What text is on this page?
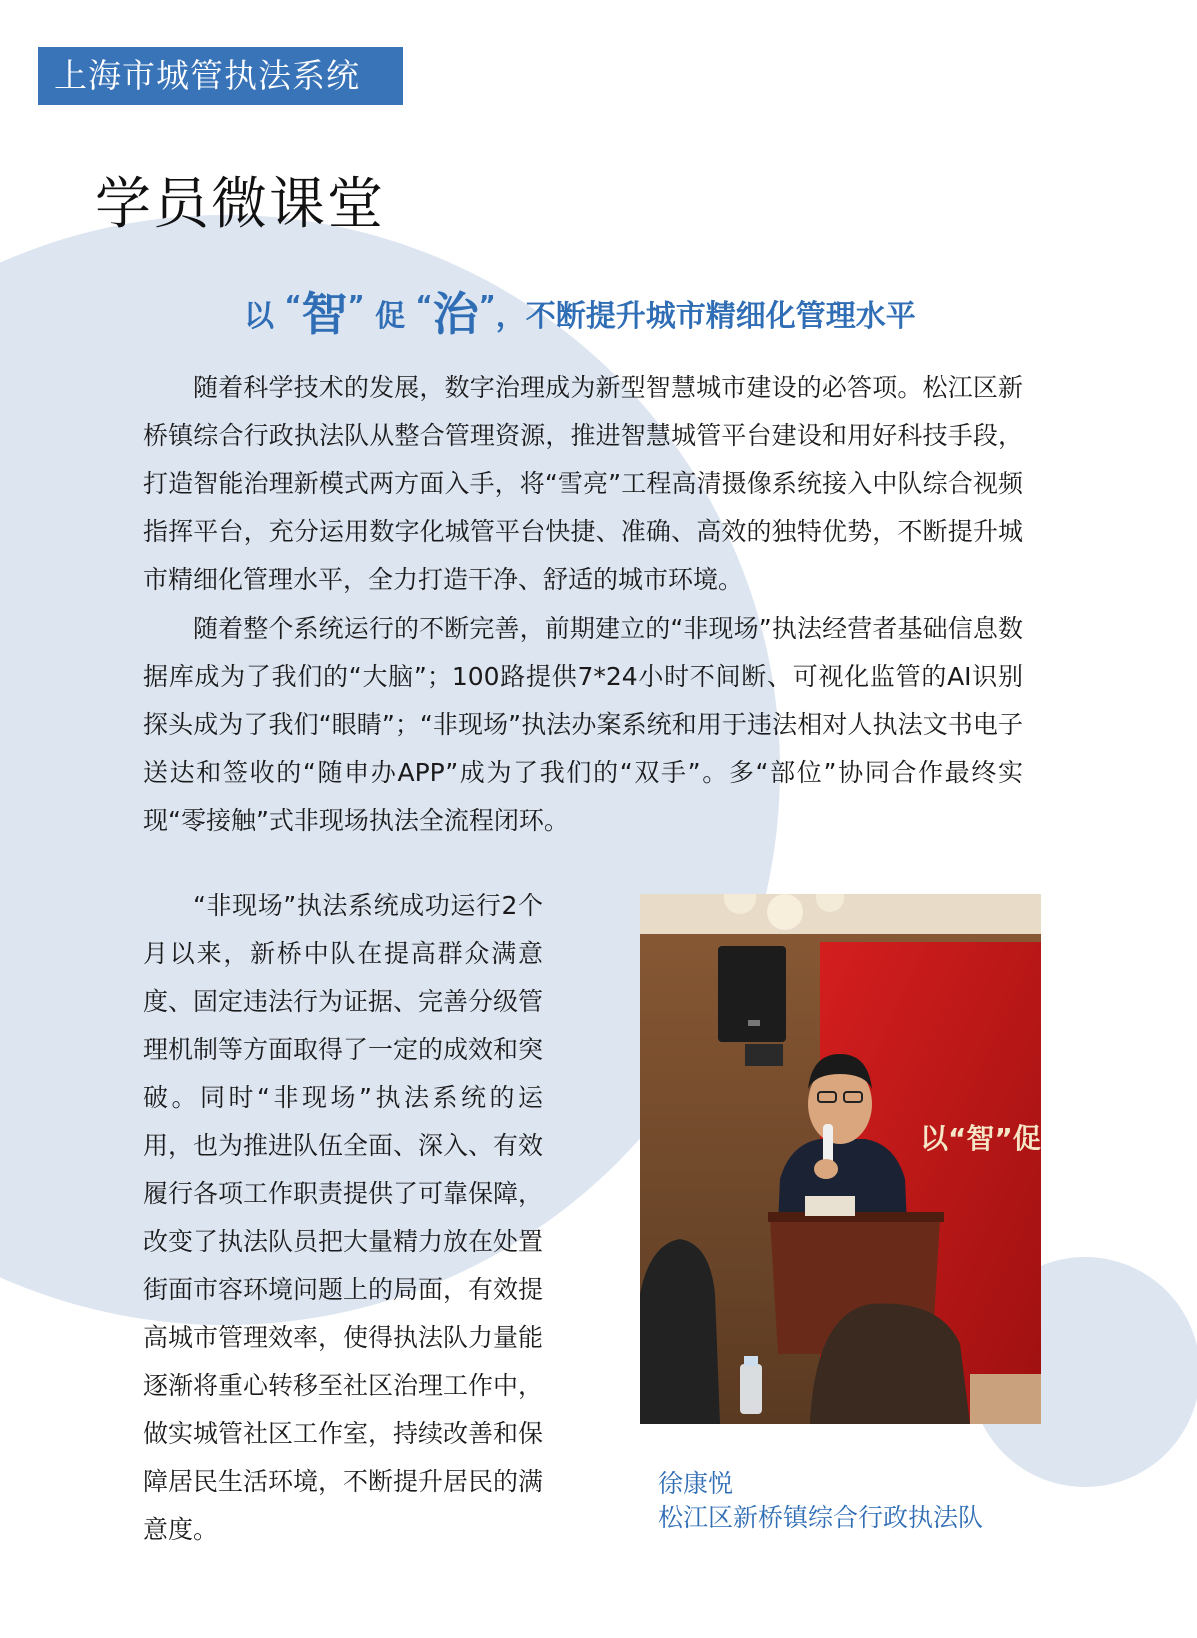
上海市城管执法系统
学员微课堂
以 “智” 促 “治”，不断提升城市精细化管理水平

随着科学技术的发展，数字治理成为新型智慧城市建设的必答项。松江区新桥镇综合行政执法队从整合管理资源，推进智慧城管平台建设和用好科技手段，打造智能治理新模式两方面入手，将“雪亮”工程高清摄像系统接入中队综合视频指挥平台，充分运用数字化城管平台快捷、准确、高效的独特优势，不断提升城市精细化管理水平，全力打造干净、舒适的城市环境。

随着整个系统运行的不断完善，前期建立的“非现场”执法经营者基础信息数据库成为了我们的“大脑”；100路提供7*24小时不间断、可视化监管的AI识别探头成为了我们“眼睛”；“非现场”执法办案系统和用于违法相对人执法文书电子送达和签收的“随申办APP”成为了我们的“双手”。多“部位”协同合作最终实现“零接触”式非现场执法全流程闭环。

“非现场”执法系统成功运行2个月以来，新桥中队在提高群众满意度、固定违法行为证据、完善分级管理机制等方面取得了一定的成效和突破。同时“非现场”执法系统的运用，也为推进队伍全面、深入、有效履行各项工作职责提供了可靠保障，改变了执法队员把大量精力放在处置街面市容环境问题上的局面，有效提高城市管理效率，使得执法队力量能逐渐将重心转移至社区治理工作中，做实城管社区工作室，持续改善和保障居民生活环境，不断提升居民的满意度。

以“智”促
徐康悦
松江区新桥镇综合行政执法队
